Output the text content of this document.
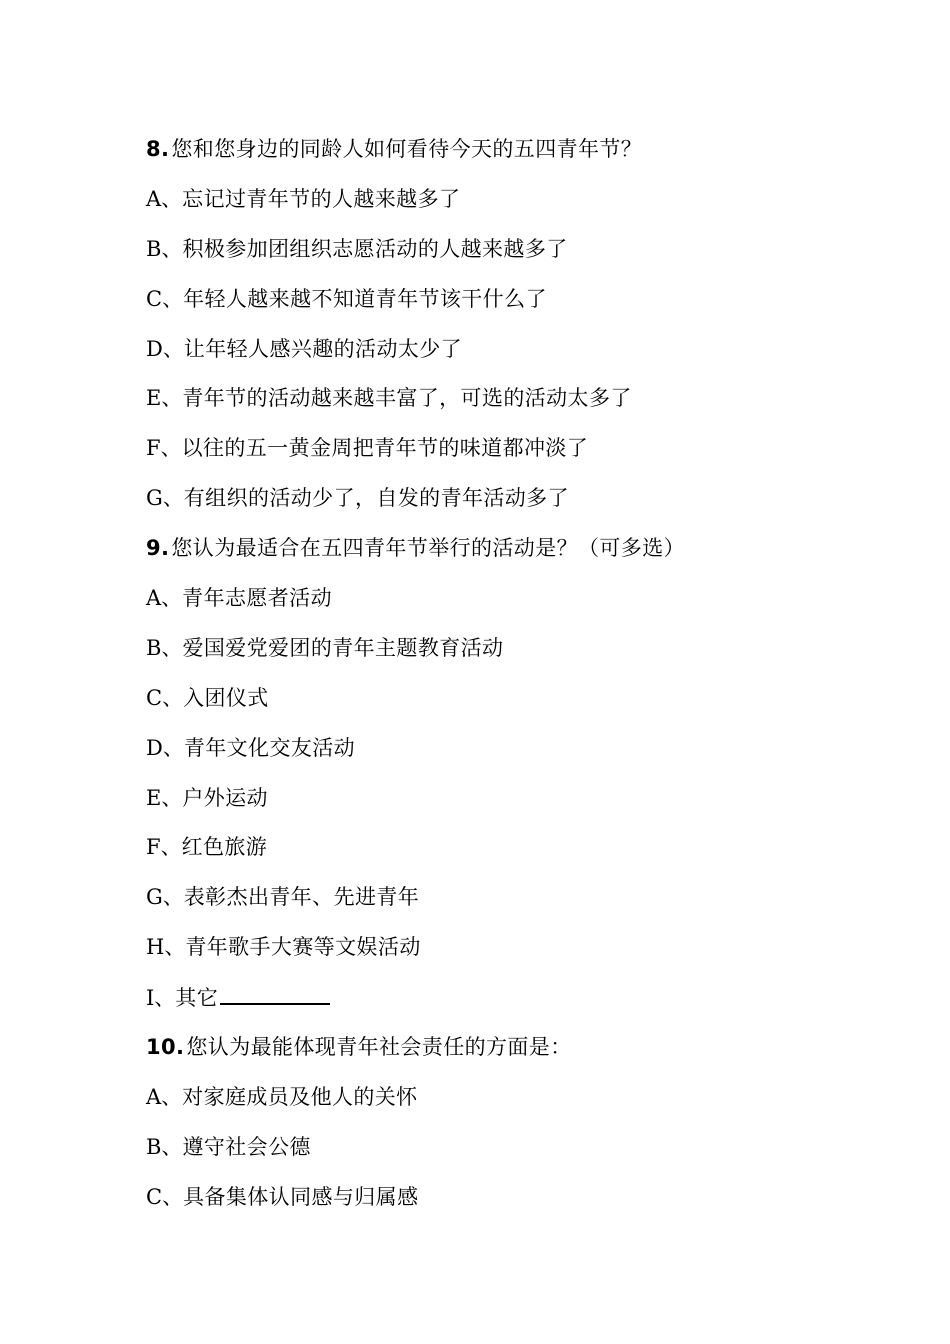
8.您和您身边的同龄人如何看待今天的五四青年节？
A、忘记过青年节的人越来越多了
B、积极参加团组织志愿活动的人越来越多了
C、年轻人越来越不知道青年节该干什么了
D、让年轻人感兴趣的活动太少了
E、青年节的活动越来越丰富了，可选的活动太多了
F、以往的五一黄金周把青年节的味道都冲淡了
G、有组织的活动少了，自发的青年活动多了
9.您认为最适合在五四青年节举行的活动是？（可多选）
A、青年志愿者活动
B、爱国爱党爱团的青年主题教育活动
C、入团仪式
D、青年文化交友活动
E、户外运动
F、红色旅游
G、表彰杰出青年、先进青年
H、青年歌手大赛等文娱活动
I、其它
10.您认为最能体现青年社会责任的方面是：
A、对家庭成员及他人的关怀
B、遵守社会公德
C、具备集体认同感与归属感
